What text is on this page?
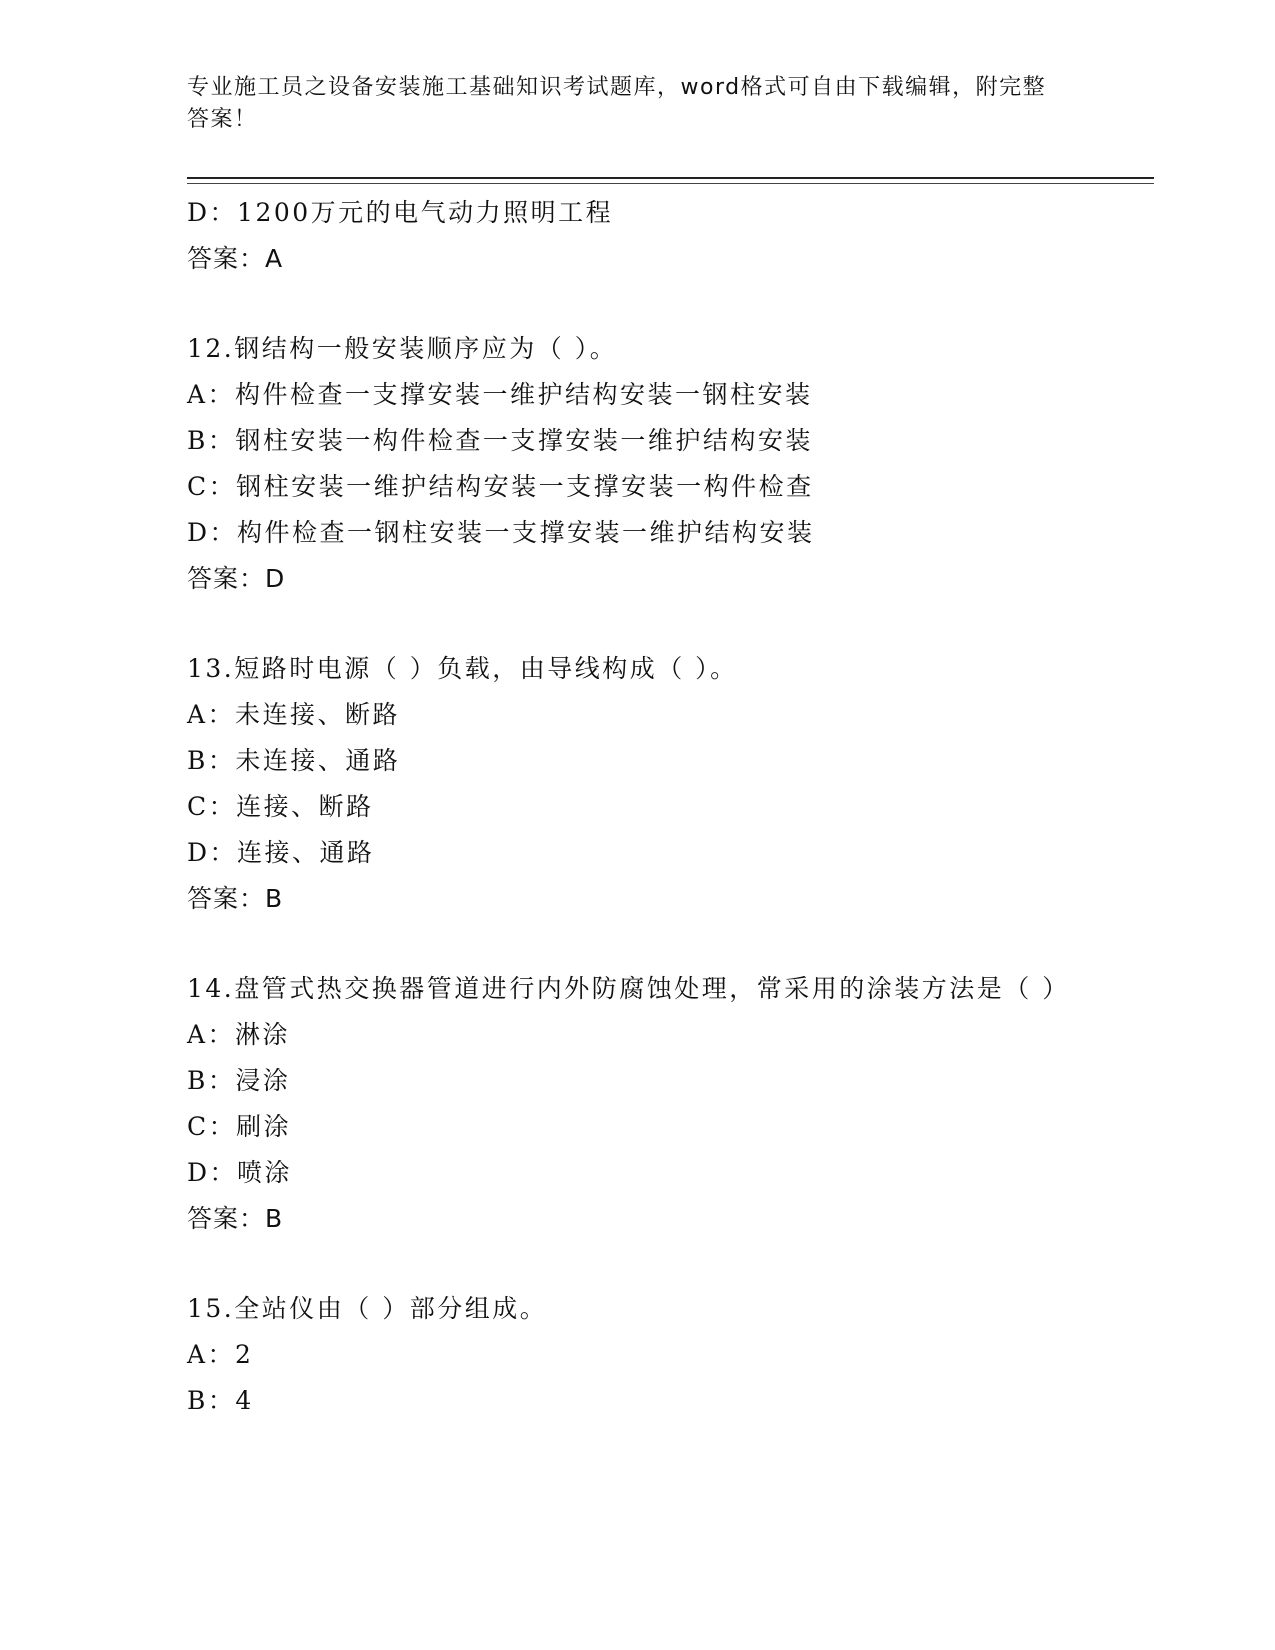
专业施工员之设备安装施工基础知识考试题库，word格式可自由下载编辑，附完整答案！
D：1200万元的电气动力照明工程
答案：A
12.钢结构一般安装顺序应为（ ）。
A：构件检查一支撑安装一维护结构安装一钢柱安装
B：钢柱安装一构件检查一支撑安装一维护结构安装
C：钢柱安装一维护结构安装一支撑安装一构件检查
D：构件检查一钢柱安装一支撑安装一维护结构安装
答案：D
13.短路时电源（ ）负载，由导线构成（ ）。
A：未连接、断路
B：未连接、通路
C：连接、断路
D：连接、通路
答案：B
14.盘管式热交换器管道进行内外防腐蚀处理，常采用的涂装方法是（ ）
A：淋涂
B：浸涂
C：刷涂
D：喷涂
答案：B
15.全站仪由（ ）部分组成。
A：2
B：4
